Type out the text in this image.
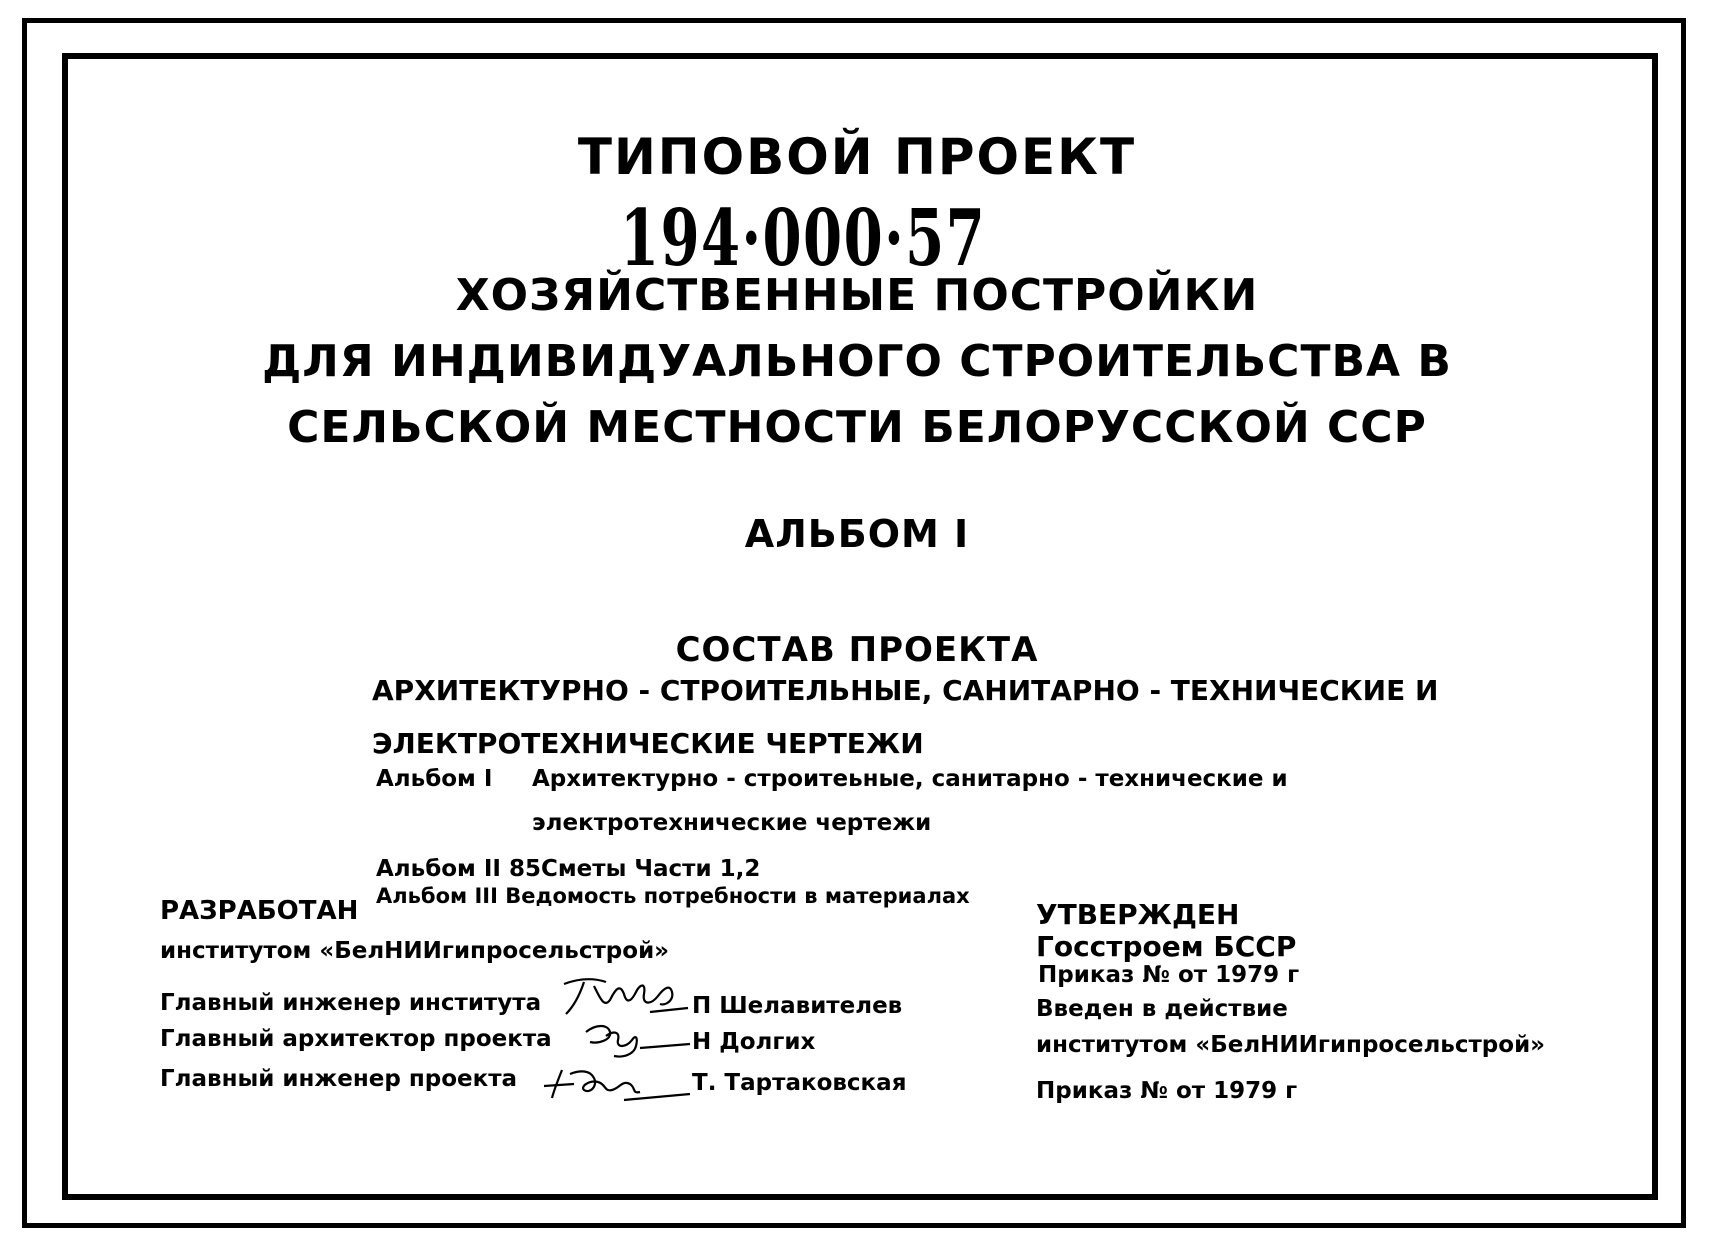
ТИПОВОЙ ПРОЕКТ
194·000·57
ХОЗЯЙСТВЕННЫЕ ПОСТРОЙКИ
ДЛЯ ИНДИВИДУАЛЬНОГО СТРОИТЕЛЬСТВА В
СЕЛЬСКОЙ МЕСТНОСТИ БЕЛОРУССКОЙ ССР
АЛЬБОМ I
СОСТАВ ПРОЕКТА
АРХИТЕКТУРНО - СТРОИТЕЛЬНЫЕ, САНИТАРНО - ТЕХНИЧЕСКИЕ И
ЭЛЕКТРОТЕХНИЧЕСКИЕ ЧЕРТЕЖИ
Альбом I Архитектурно - строитеьные, санитарно - технические и
электротехнические чертежи
Альбом II 85Сметы Части 1,2
Альбом III Ведомость потребности в материалах
РАЗРАБОТАН
институтом «БелНИИгипросельстрой»
Главный инженер института	П Шелавителев
Главный архитектор проекта	Н Долгих
Главный инженер проекта	Т. Тартаковская
УТВЕРЖДЕН
Госстроем БССР
Приказ № от 1979 г
Введен в действие
институтом «БелНИИгипросельстрой»
Приказ № от 1979 г
